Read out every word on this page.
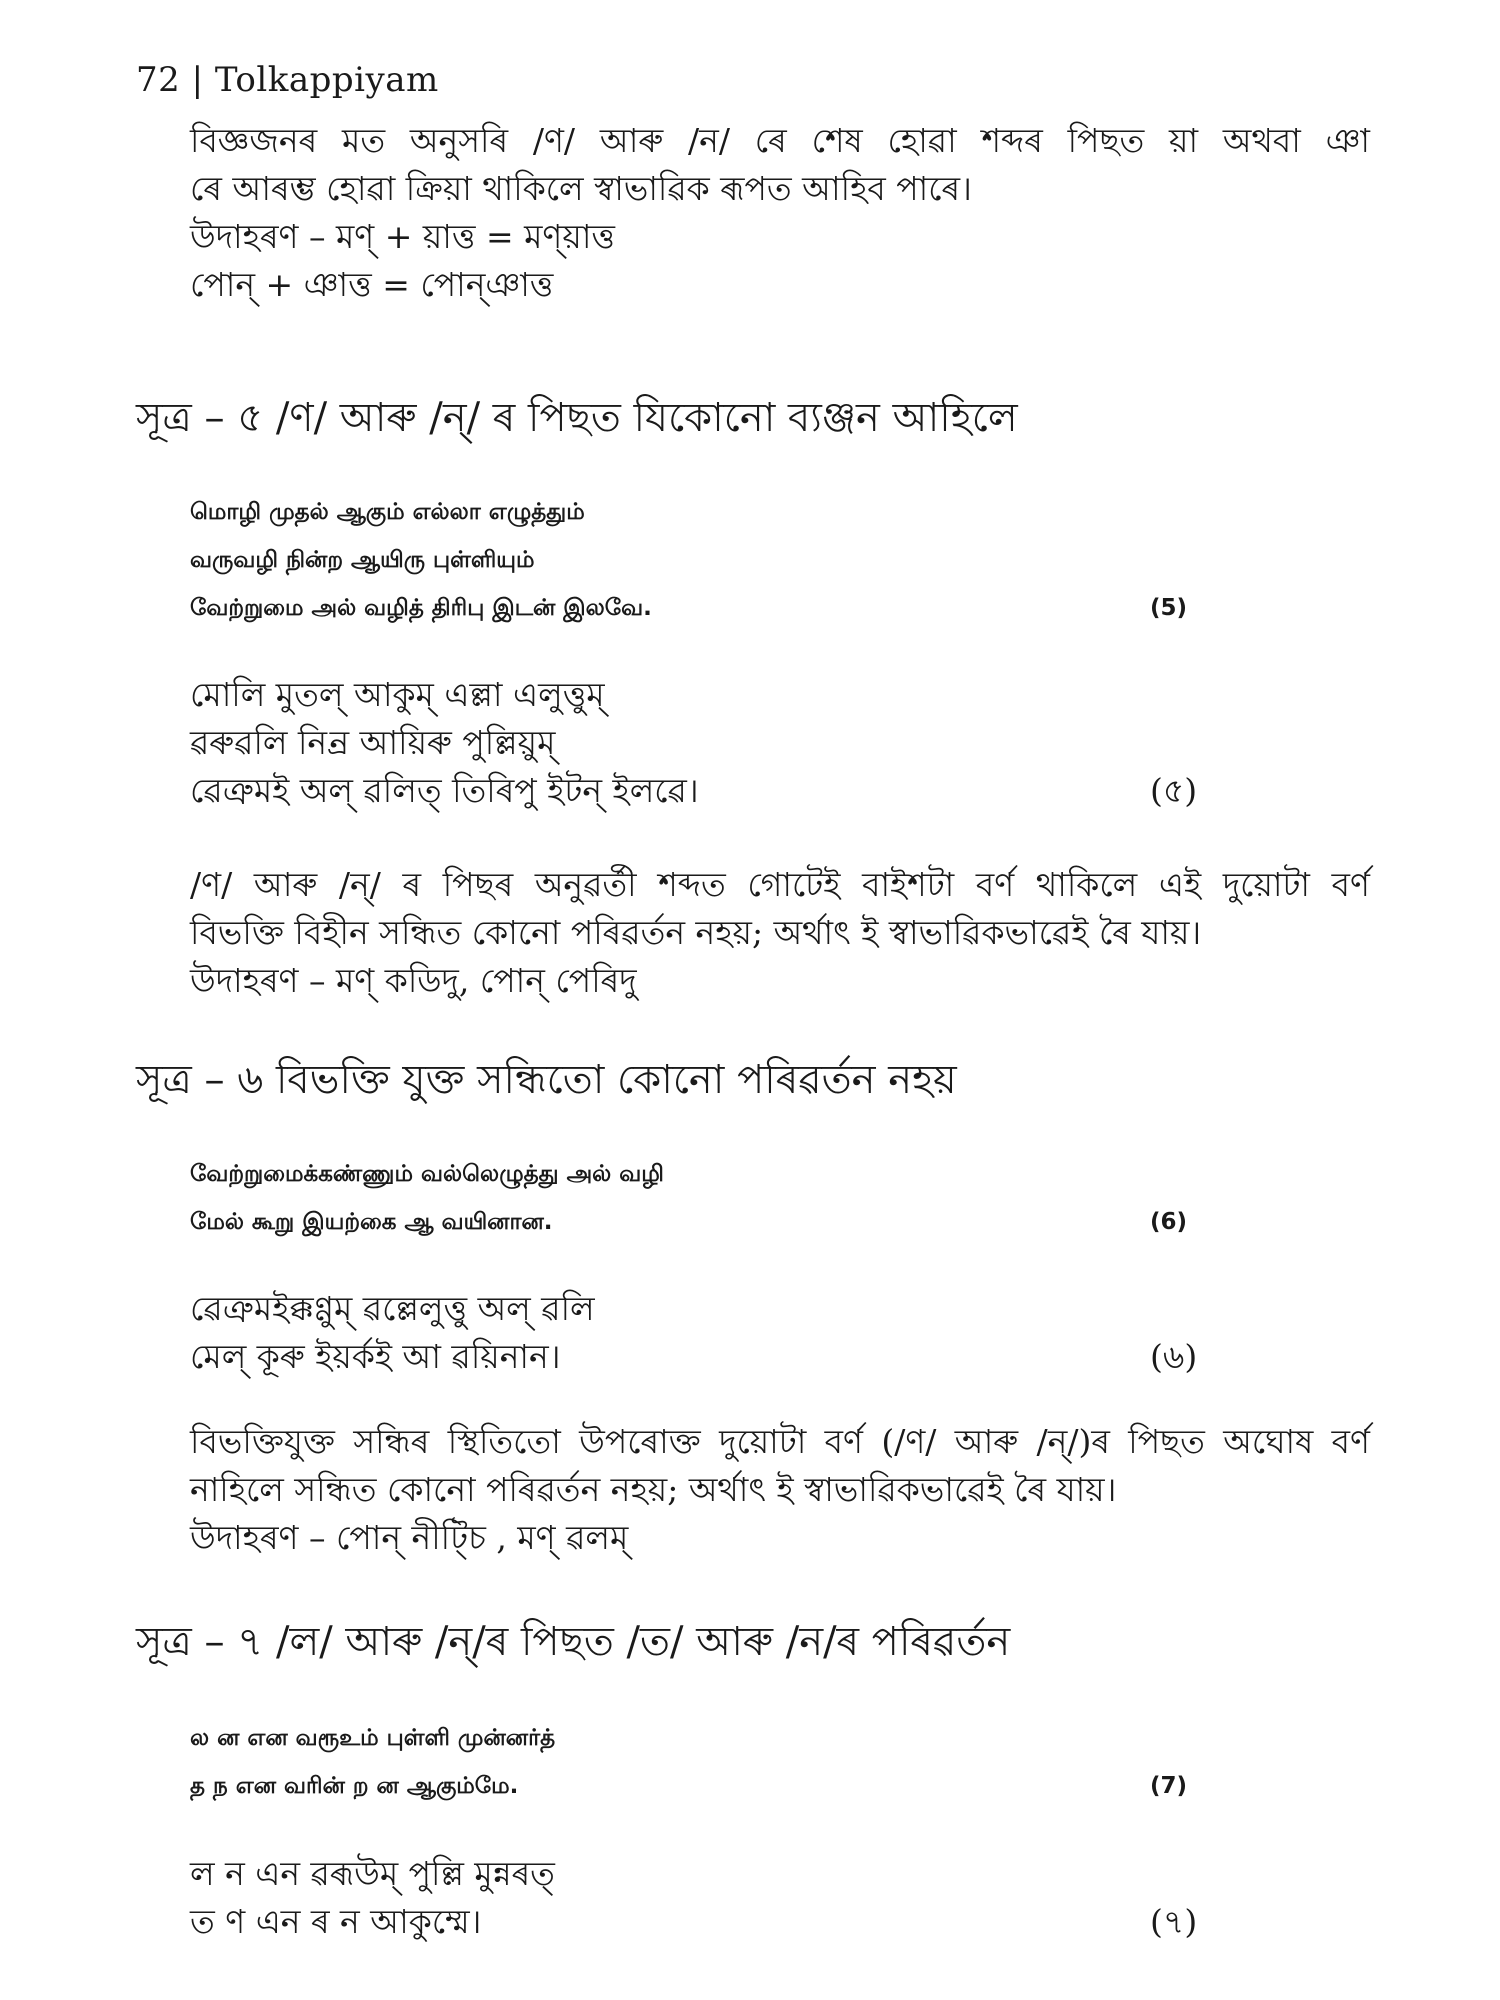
72 | Tolkappiyam
বিজ্ঞজনৰ মত অনুসৰি /ণ/ আৰু /ন/ ৰে শেষ হোৱা শব্দৰ পিছত য়া অথবা ঞা
ৰে আৰম্ভ হোৱা ক্ৰিয়া থাকিলে স্বাভাৱিক ৰূপত আহিব পাৰে।
উদাহৰণ – মণ্ + য়াত্ত = মণ্য়াত্ত
পোন্ + ঞাত্ত = পোন্ঞাত্ত
সূত্ৰ – ৫ /ণ/ আৰু /ন্/ ৰ পিছত যিকোনো ব্যঞ্জন আহিলে
மொழி முதல் ஆகும் எல்லா எழுத்தும்
வருவழி நின்ற ஆயிரு புள்ளியும்
வேற்றுமை அல் வழித் திரிபு இடன் இலவே.	(5)
মোলি মুতল্ আকুম্ এল্লা এলুত্তুম্
ৱৰুৱলি নিন্ৰ আয়িৰু পুল্লিয়ুম্
ৱেত্ৰুমই অল্ ৱলিত্ তিৰিপু ইটন্ ইলৱে।	(৫)
/ণ/ আৰু /ন্/ ৰ পিছৰ অনুৱৰ্তী শব্দত গোটেই বাইশটা বৰ্ণ থাকিলে এই দুয়োটা বৰ্ণ
বিভক্তি বিহীন সন্ধিত কোনো পৰিৱৰ্তন নহয়; অৰ্থাৎ ই স্বাভাৱিকভাৱেই ৰৈ যায়।
উদাহৰণ – মণ্ কডিদু, পোন্ পেৰিদু
সূত্ৰ – ৬ বিভক্তি যুক্ত সন্ধিতো কোনো পৰিৱৰ্তন নহয়
வேற்றுமைக்கண்ணும் வல்லெழுத்து அல் வழி
மேல் கூறு இயற்கை ஆ வயினான.	(6)
ৱেত্ৰুমইক্কণ্ণুম্ ৱল্লেলুত্তু অল্ ৱলি
মেল্ কূৰু ইয়ৰ্কই আ ৱয়িনান।	(৬)
বিভক্তিযুক্ত সন্ধিৰ স্থিতিতো উপৰোক্ত দুয়োটা বৰ্ণ (/ণ/ আৰু /ন্/)ৰ পিছত অঘোষ বৰ্ণ
নাহিলে সন্ধিত কোনো পৰিৱৰ্তন নহয়; অৰ্থাৎ ই স্বাভাৱিকভাৱেই ৰৈ যায়।
উদাহৰণ – পোন্ নীট্চি , মণ্ ৱলম্
সূত্ৰ – ৭ /ল/ আৰু /ন্/ৰ পিছত /ত/ আৰু /ন/ৰ পৰিৱৰ্তন
ல ன என வரூஉம் புள்ளி முன்னர்த்
த ந என வரின் ற ன ஆகும்மே.	(7)
ল ন এন ৱৰূউম্ পুল্লি মুন্নৰত্
ত ণ এন ৰ ন আকুম্মে।	(৭)
